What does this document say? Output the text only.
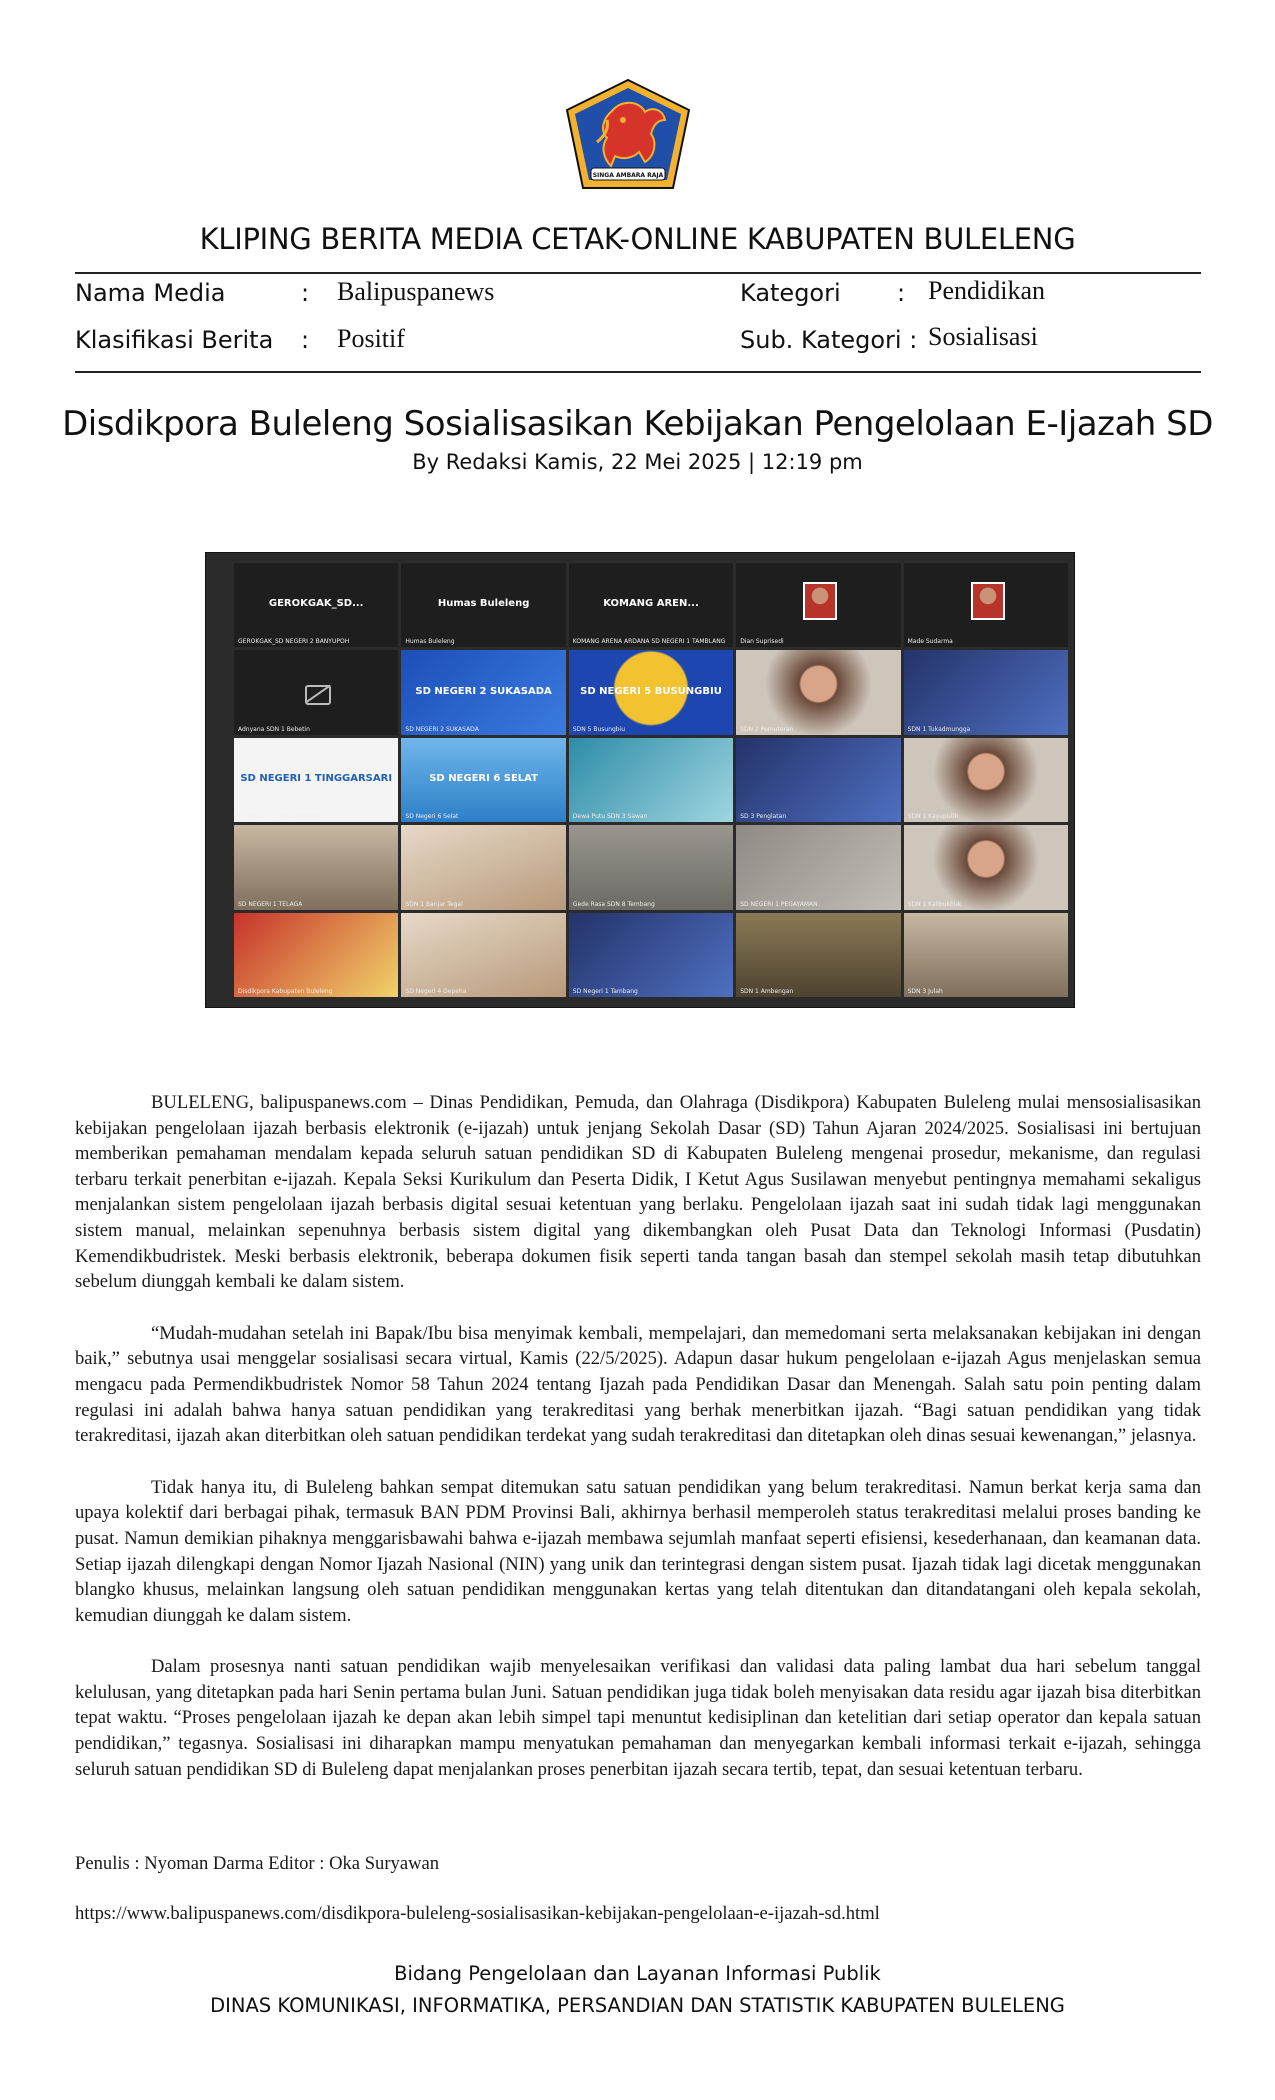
SINGA AMBARA RAJA
KLIPING BERITA MEDIA CETAK-ONLINE KABUPATEN BULELENG
Nama Media	: Balipuspanews	Kategori : Pendidikan
Klasifikasi Berita : Positif	Sub. Kategori : Sosialisasi
Disdikpora Buleleng Sosialisasikan Kebijakan Pengelolaan E-Ijazah SD
By Redaksi Kamis, 22 Mei 2025 | 12:19 pm
GEROKGAK_SD...
GEROKGAK_SD NEGERI 2 BANYUPOH
Humas Buleleng
Humas Buleleng
KOMANG AREN...
KOMANG ARENA ARDANA SD NEGERI 1 TAMBLANG Dian Suprisedi	Made Sudarma
Adnyana SDN 1 Bebetin
SD NEGERI 2 SUKASADA
SD NEGERI 2 SUKASADA
SD NEGERI 5 BUSUNGBIU
SDN 5 Busungbiu	SDN 2 Pemuteran	SDN 1 Tukadmungga
SD NEGERI 1 TINGGARSARI
SD NEGERI 1 TINGGARSARI
SD NEGERI 6 SELAT
SD Negeri 6 Selat	Dewa Putu SDN 3 Sawan	SD 3 Penglatan	SDN 1 Kayuputih
SD NEGERI 1 TELAGA	SDN 1 Banjar Tegal	Gede Rasa SDN 8 Tembang	SD NEGERI 1 PEGAYAMAN	SDN 1 Kalibukbuk
Disdikpora Kabupaten Buleleng	SD Negeri 4 Depeha	SD Negeri 1 Tambang	SDN 1 Ambengan	SDN 3 Julah

BULELENG, balipuspanews.com – Dinas Pendidikan, Pemuda, dan Olahraga (Disdikpora) Kabupaten Buleleng mulai mensosialisasikan kebijakan pengelolaan ijazah berbasis elektronik (e-ijazah) untuk jenjang Sekolah Dasar (SD) Tahun Ajaran 2024/2025. Sosialisasi ini bertujuan memberikan pemahaman mendalam kepada seluruh satuan pendidikan SD di Kabupaten Buleleng mengenai prosedur, mekanisme, dan regulasi terbaru terkait penerbitan e-ijazah. Kepala Seksi Kurikulum dan Peserta Didik, I Ketut Agus Susilawan menyebut pentingnya memahami sekaligus menjalankan sistem pengelolaan ijazah berbasis digital sesuai ketentuan yang berlaku. Pengelolaan ijazah saat ini sudah tidak lagi menggunakan sistem manual, melainkan sepenuhnya berbasis sistem digital yang dikembangkan oleh Pusat Data dan Teknologi Informasi (Pusdatin) Kemendikbudristek. Meski berbasis elektronik, beberapa dokumen fisik seperti tanda tangan basah dan stempel sekolah masih tetap dibutuhkan sebelum diunggah kembali ke dalam sistem.

“Mudah-mudahan setelah ini Bapak/Ibu bisa menyimak kembali, mempelajari, dan memedomani serta melaksanakan kebijakan ini dengan baik,” sebutnya usai menggelar sosialisasi secara virtual, Kamis (22/5/2025). Adapun dasar hukum pengelolaan e-ijazah Agus menjelaskan semua mengacu pada Permendikbudristek Nomor 58 Tahun 2024 tentang Ijazah pada Pendidikan Dasar dan Menengah. Salah satu poin penting dalam regulasi ini adalah bahwa hanya satuan pendidikan yang terakreditasi yang berhak menerbitkan ijazah. “Bagi satuan pendidikan yang tidak terakreditasi, ijazah akan diterbitkan oleh satuan pendidikan terdekat yang sudah terakreditasi dan ditetapkan oleh dinas sesuai kewenangan,” jelasnya.

Tidak hanya itu, di Buleleng bahkan sempat ditemukan satu satuan pendidikan yang belum terakreditasi. Namun berkat kerja sama dan upaya kolektif dari berbagai pihak, termasuk BAN PDM Provinsi Bali, akhirnya berhasil memperoleh status terakreditasi melalui proses banding ke pusat. Namun demikian pihaknya menggarisbawahi bahwa e-ijazah membawa sejumlah manfaat seperti efisiensi, kesederhanaan, dan keamanan data. Setiap ijazah dilengkapi dengan Nomor Ijazah Nasional (NIN) yang unik dan terintegrasi dengan sistem pusat. Ijazah tidak lagi dicetak menggunakan blangko khusus, melainkan langsung oleh satuan pendidikan menggunakan kertas yang telah ditentukan dan ditandatangani oleh kepala sekolah, kemudian diunggah ke dalam sistem.

Dalam prosesnya nanti satuan pendidikan wajib menyelesaikan verifikasi dan validasi data paling lambat dua hari sebelum tanggal kelulusan, yang ditetapkan pada hari Senin pertama bulan Juni. Satuan pendidikan juga tidak boleh menyisakan data residu agar ijazah bisa diterbitkan tepat waktu. “Proses pengelolaan ijazah ke depan akan lebih simpel tapi menuntut kedisiplinan dan ketelitian dari setiap operator dan kepala satuan pendidikan,” tegasnya. Sosialisasi ini diharapkan mampu menyatukan pemahaman dan menyegarkan kembali informasi terkait e-ijazah, sehingga seluruh satuan pendidikan SD di Buleleng dapat menjalankan proses penerbitan ijazah secara tertib, tepat, dan sesuai ketentuan terbaru.

Penulis : Nyoman Darma Editor : Oka Suryawan
https://www.balipuspanews.com/disdikpora-buleleng-sosialisasikan-kebijakan-pengelolaan-e-ijazah-sd.html
Bidang Pengelolaan dan Layanan Informasi Publik
DINAS KOMUNIKASI, INFORMATIKA, PERSANDIAN DAN STATISTIK KABUPATEN BULELENG
